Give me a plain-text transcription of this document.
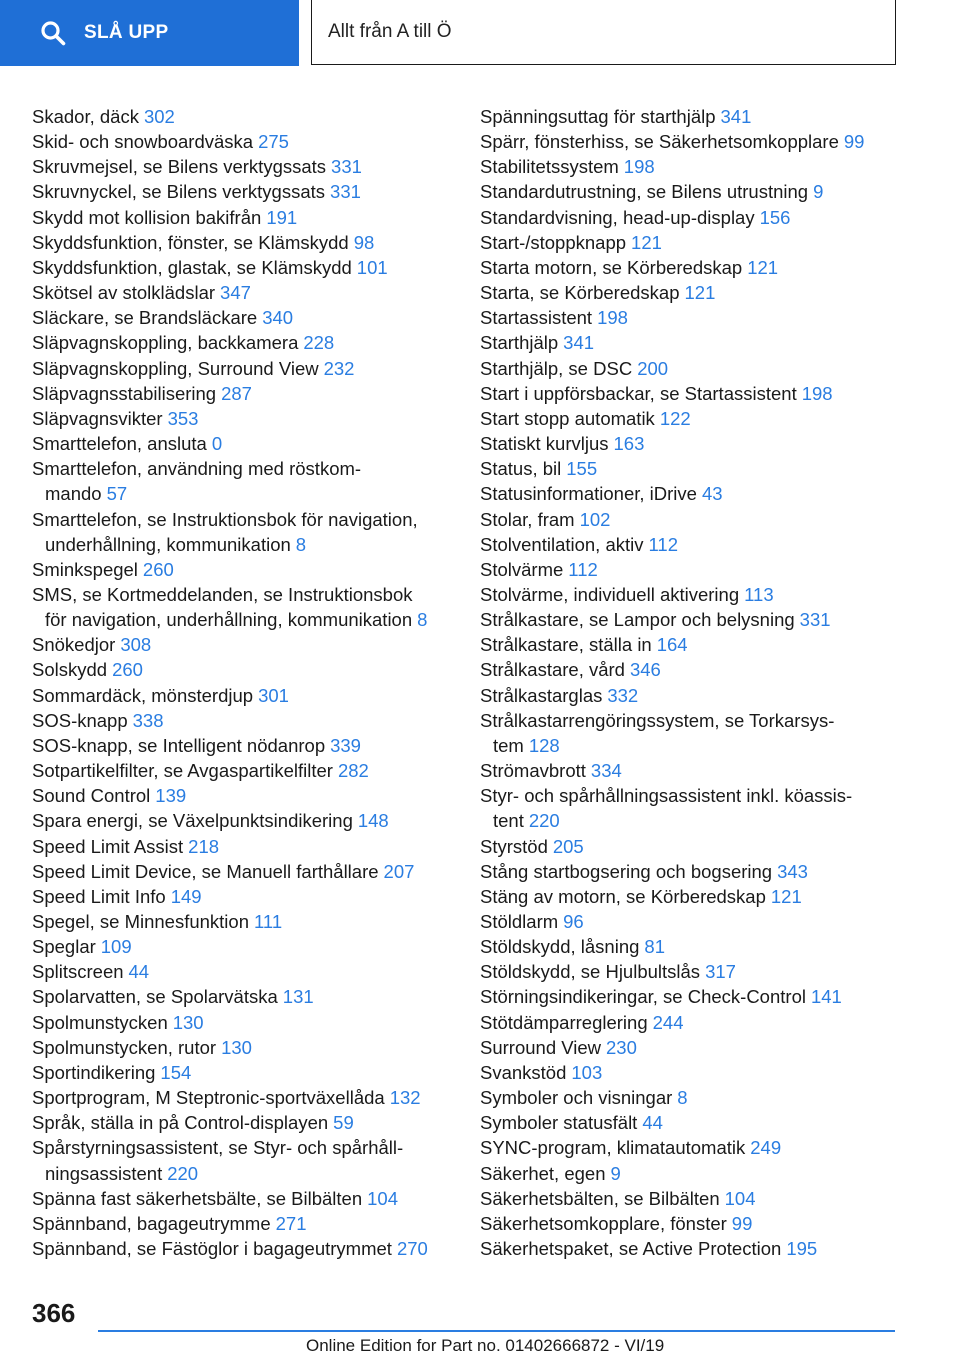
SLÅ UPP	Allt från A till Ö
Skador, däck 302
Skid- och snowboardväska 275
Skruvmejsel, se Bilens verktygssats 331
Skruvnyckel, se Bilens verktygssats 331
Skydd mot kollision bakifrån 191
Skyddsfunktion, fönster, se Klämskydd 98
Skyddsfunktion, glastak, se Klämskydd 101
Skötsel av stolklädslar 347
Släckare, se Brandsläckare 340
Släpvagnskoppling, backkamera 228
Släpvagnskoppling, Surround View 232
Släpvagnsstabilisering 287
Släpvagnsvikter 353
Smarttelefon, ansluta 0
Smarttelefon, användning med röstkom-
mando 57
Smarttelefon, se Instruktionsbok för navigation,
underhållning, kommunikation 8
Sminkspegel 260
SMS, se Kortmeddelanden, se Instruktionsbok
för navigation, underhållning, kommunikation 8
Snökedjor 308
Solskydd 260
Sommardäck, mönsterdjup 301
SOS-knapp 338
SOS-knapp, se Intelligent nödanrop 339
Sotpartikelfilter, se Avgaspartikelfilter 282
Sound Control 139
Spara energi, se Växelpunktsindikering 148
Speed Limit Assist 218
Speed Limit Device, se Manuell farthållare 207
Speed Limit Info 149
Spegel, se Minnesfunktion 111
Speglar 109
Splitscreen 44
Spolarvatten, se Spolarvätska 131
Spolmunstycken 130
Spolmunstycken, rutor 130
Sportindikering 154
Sportprogram, M Steptronic-sportväxellåda 132
Språk, ställa in på Control-displayen 59
Spårstyrningsassistent, se Styr- och spårhåll-
ningsassistent 220
Spänna fast säkerhetsbälte, se Bilbälten 104
Spännband, bagageutrymme 271
Spännband, se Fästöglor i bagageutrymmet 270
Spänningsuttag för starthjälp 341
Spärr, fönsterhiss, se Säkerhetsomkopplare 99
Stabilitetssystem 198
Standardutrustning, se Bilens utrustning 9
Standardvisning, head-up-display 156
Start-/stoppknapp 121
Starta motorn, se Körberedskap 121
Starta, se Körberedskap 121
Startassistent 198
Starthjälp 341
Starthjälp, se DSC 200
Start i uppförsbackar, se Startassistent 198
Start stopp automatik 122
Statiskt kurvljus 163
Status, bil 155
Statusinformationer, iDrive 43
Stolar, fram 102
Stolventilation, aktiv 112
Stolvärme 112
Stolvärme, individuell aktivering 113
Strålkastare, se Lampor och belysning 331
Strålkastare, ställa in 164
Strålkastare, vård 346
Strålkastarglas 332
Strålkastarrengöringssystem, se Torkarsys-
tem 128
Strömavbrott 334
Styr- och spårhållningsassistent inkl. köassis-
tent 220
Styrstöd 205
Stång startbogsering och bogsering 343
Stäng av motorn, se Körberedskap 121
Stöldlarm 96
Stöldskydd, låsning 81
Stöldskydd, se Hjulbultslås 317
Störningsindikeringar, se Check-Control 141
Stötdämparreglering 244
Surround View 230
Svankstöd 103
Symboler och visningar 8
Symboler statusfält 44
SYNC-program, klimatautomatik 249
Säkerhet, egen 9
Säkerhetsbälten, se Bilbälten 104
Säkerhetsomkopplare, fönster 99
Säkerhetspaket, se Active Protection 195
366
Online Edition for Part no. 01402666872 - VI/19
